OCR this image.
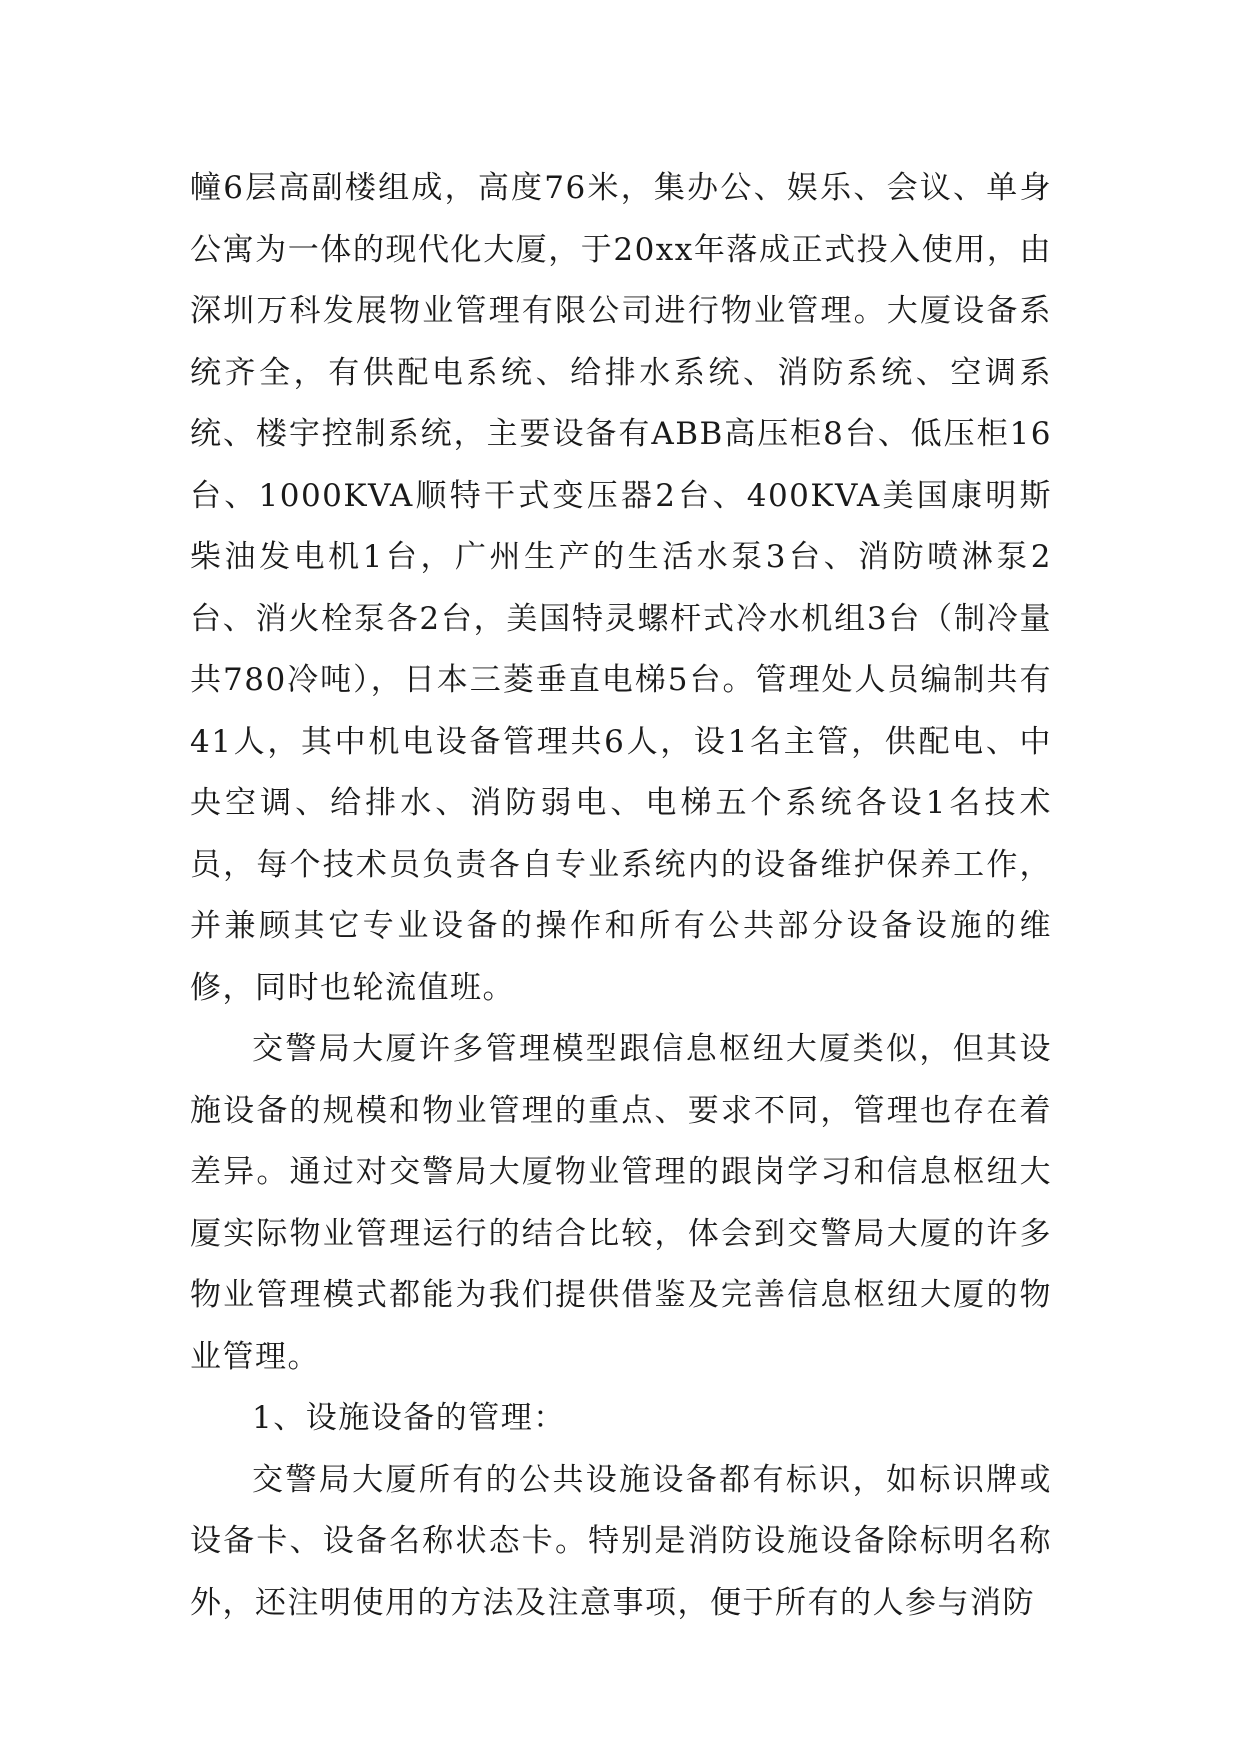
幢6层高副楼组成，高度76米，集办公、娱乐、会议、单身公寓为一体的现代化大厦，于20xx年落成正式投入使用，由深圳万科发展物业管理有限公司进行物业管理。大厦设备系统齐全，有供配电系统、给排水系统、消防系统、空调系统、楼宇控制系统，主要设备有ABB高压柜8台、低压柜16台、1000KVA顺特干式变压器2台、400KVA美国康明斯柴油发电机1台，广州生产的生活水泵3台、消防喷淋泵2台、消火栓泵各2台，美国特灵螺杆式冷水机组3台（制冷量共780冷吨），日本三菱垂直电梯5台。管理处人员编制共有41人，其中机电设备管理共6人，设1名主管，供配电、中央空调、给排水、消防弱电、电梯五个系统各设1名技术员，每个技术员负责各自专业系统内的设备维护保养工作，并兼顾其它专业设备的操作和所有公共部分设备设施的维修，同时也轮流值班。

交警局大厦许多管理模型跟信息枢纽大厦类似，但其设施设备的规模和物业管理的重点、要求不同，管理也存在着差异。通过对交警局大厦物业管理的跟岗学习和信息枢纽大厦实际物业管理运行的结合比较，体会到交警局大厦的许多物业管理模式都能为我们提供借鉴及完善信息枢纽大厦的物业管理。

1、设施设备的管理：

交警局大厦所有的公共设施设备都有标识，如标识牌或设备卡、设备名称状态卡。特别是消防设施设备除标明名称外，还注明使用的方法及注意事项，便于所有的人参与消防
